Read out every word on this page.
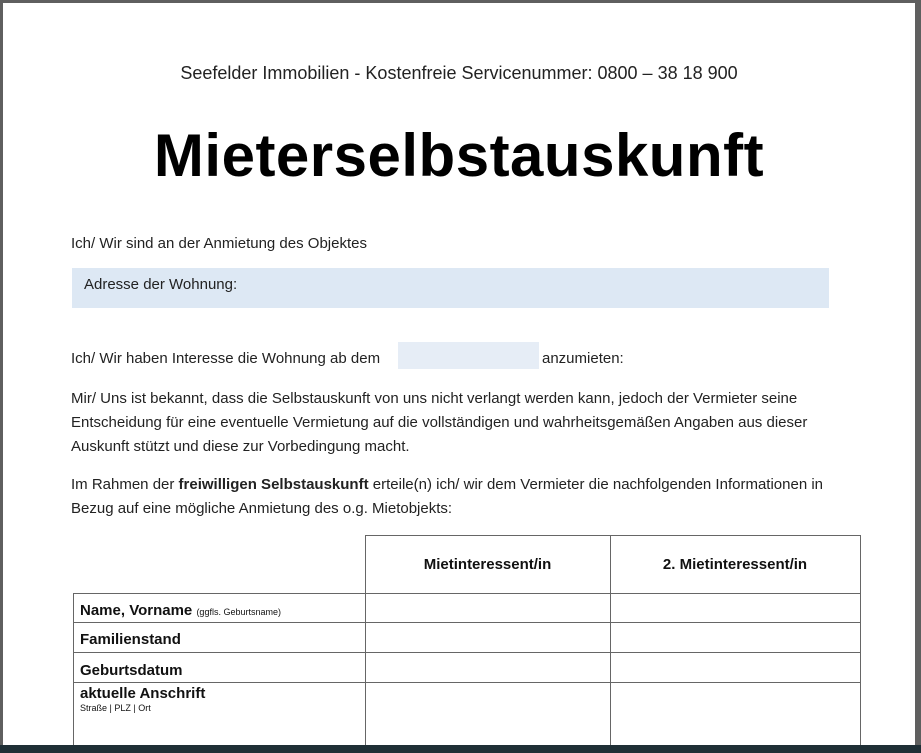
Seefelder Immobilien - Kostenfreie Servicenummer: 0800 – 38 18 900
Mieterselbstauskunft
Ich/ Wir sind an der Anmietung des Objektes
Adresse der Wohnung:
Ich/ Wir haben Interesse die Wohnung ab dem	anzumieten:
Mir/ Uns ist bekannt, dass die Selbstauskunft von uns nicht verlangt werden kann, jedoch der Vermieter seine
Entscheidung für eine eventuelle Vermietung auf die vollständigen und wahrheitsgemäßen Angaben aus dieser
Auskunft stützt und diese zur Vorbedingung macht.
Im Rahmen der freiwilligen Selbstauskunft erteile(n) ich/ wir dem Vermieter die nachfolgenden Informationen in
Bezug auf eine mögliche Anmietung des o.g. Mietobjekts:
	Mietinteressent/in	2. Mietinteressent/in
Name, Vorname (ggfls. Geburtsname)		
Familienstand		
Geburtsdatum		
aktuelle Anschrift
Straße | PLZ | Ort		
